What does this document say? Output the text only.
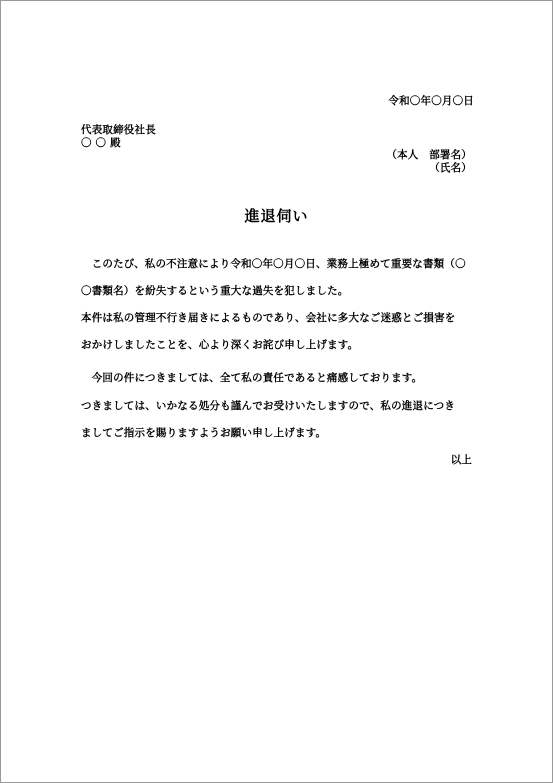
令和〇年〇月〇日

代表取締役社長

〇 〇 殿

（本人　部署名）

（氏名）

進退伺い

　このたび、私の不注意により令和〇年〇月〇日、業務上極めて重要な書類（〇

〇書類名）を紛失するという重大な過失を犯しました。

本件は私の管理不行き届きによるものであり、会社に多大なご迷惑とご損害を

おかけしましたことを、心より深くお詫び申し上げます。

　今回の件につきましては、全て私の責任であると痛感しております。

つきましては、いかなる処分も謹んでお受けいたしますので、私の進退につき

ましてご指示を賜りますようお願い申し上げます。

以上
